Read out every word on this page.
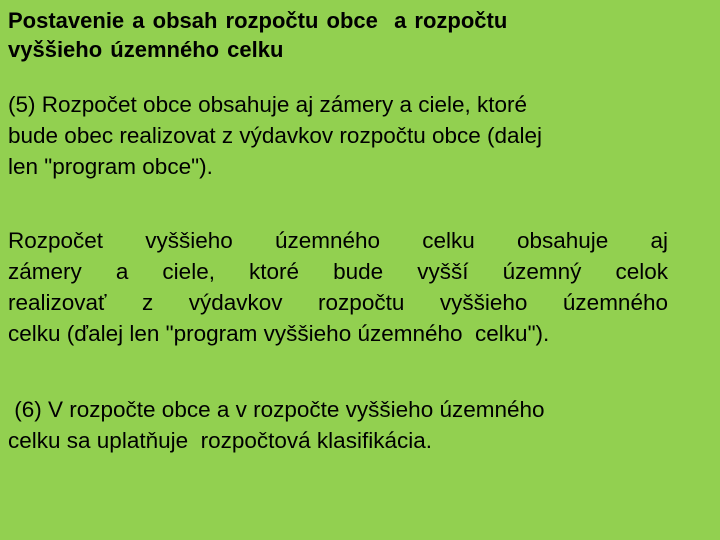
Postavenie a obsah rozpočtu obce  a rozpočtu
vyššieho územného celku

(5) Rozpočet obce obsahuje aj zámery a ciele, ktoré
bude obec realizovat z výdavkov rozpočtu obce (dalej
len "program obce").

Rozpočet vyššieho územného celku obsahuje aj
zámery a ciele, ktoré bude vyšší územný celok
realizovať z výdavkov rozpočtu vyššieho územného
celku (ďalej len "program vyššieho územného  celku").

(6) V rozpočte obce a v rozpočte vyššieho územného
celku sa uplatňuje  rozpočtová klasifikácia.
